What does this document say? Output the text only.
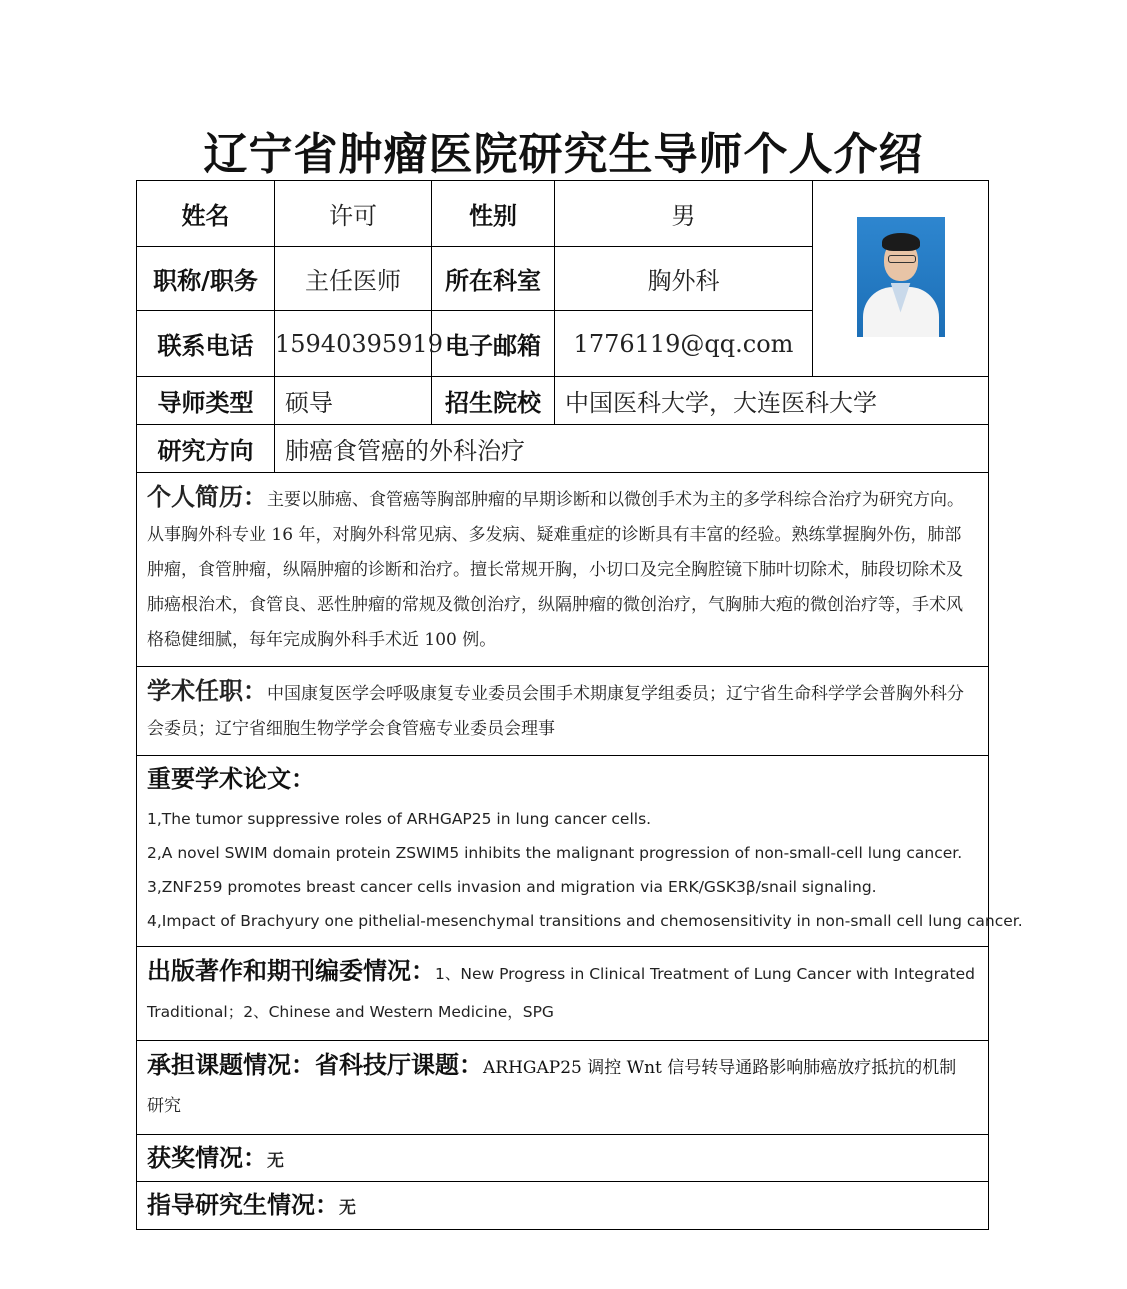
辽宁省肿瘤医院研究生导师个人介绍
姓名	许可	性别	男	

职称/职务	主任医师	所在科室	胸外科	
联系电话	15940395919	电子邮箱	1776119@qq.com	
导师类型	硕导	招生院校	中国医科大学，大连医科大学	
研究方向	肺癌食管癌的外科治疗			

个人简历：主要以肺癌、食管癌等胸部肿瘤的早期诊断和以微创手术为主的多学科综合治疗为研究方向。从事胸外科专业 16 年，对胸外科常见病、多发病、疑难重症的诊断具有丰富的经验。熟练掌握胸外伤，肺部肿瘤，食管肿瘤，纵隔肿瘤的诊断和治疗。擅长常规开胸，小切口及完全胸腔镜下肺叶切除术，肺段切除术及肺癌根治术，食管良、恶性肿瘤的常规及微创治疗，纵隔肿瘤的微创治疗，气胸肺大疱的微创治疗等，手术风格稳健细腻，每年完成胸外科手术近 100 例。				

学术任职：中国康复医学会呼吸康复专业委员会围手术期康复学组委员；辽宁省生命科学学会普胸外科分会委员；辽宁省细胞生物学学会食管癌专业委员会理事				

重要学术论文：
1,The tumor suppressive roles of ARHGAP25 in lung cancer cells.
2,A novel SWIM domain protein ZSWIM5 inhibits the malignant progression of non-small-cell lung cancer.
3,ZNF259 promotes breast cancer cells invasion and migration via ERK/GSK3β/snail signaling.
4,Impact of Brachyury one pithelial-mesenchymal transitions and chemosensitivity in non-small cell lung cancer.				

出版著作和期刊编委情况：1、New Progress in Clinical Treatment of Lung Cancer with Integrated
Traditional；2、Chinese and Western Medicine，SPG				

承担课题情况：省科技厅课题：ARHGAP25 调控 Wnt 信号转导通路影响肺癌放疗抵抗的机制
研究				

获奖情况：无				
指导研究生情况：无				
